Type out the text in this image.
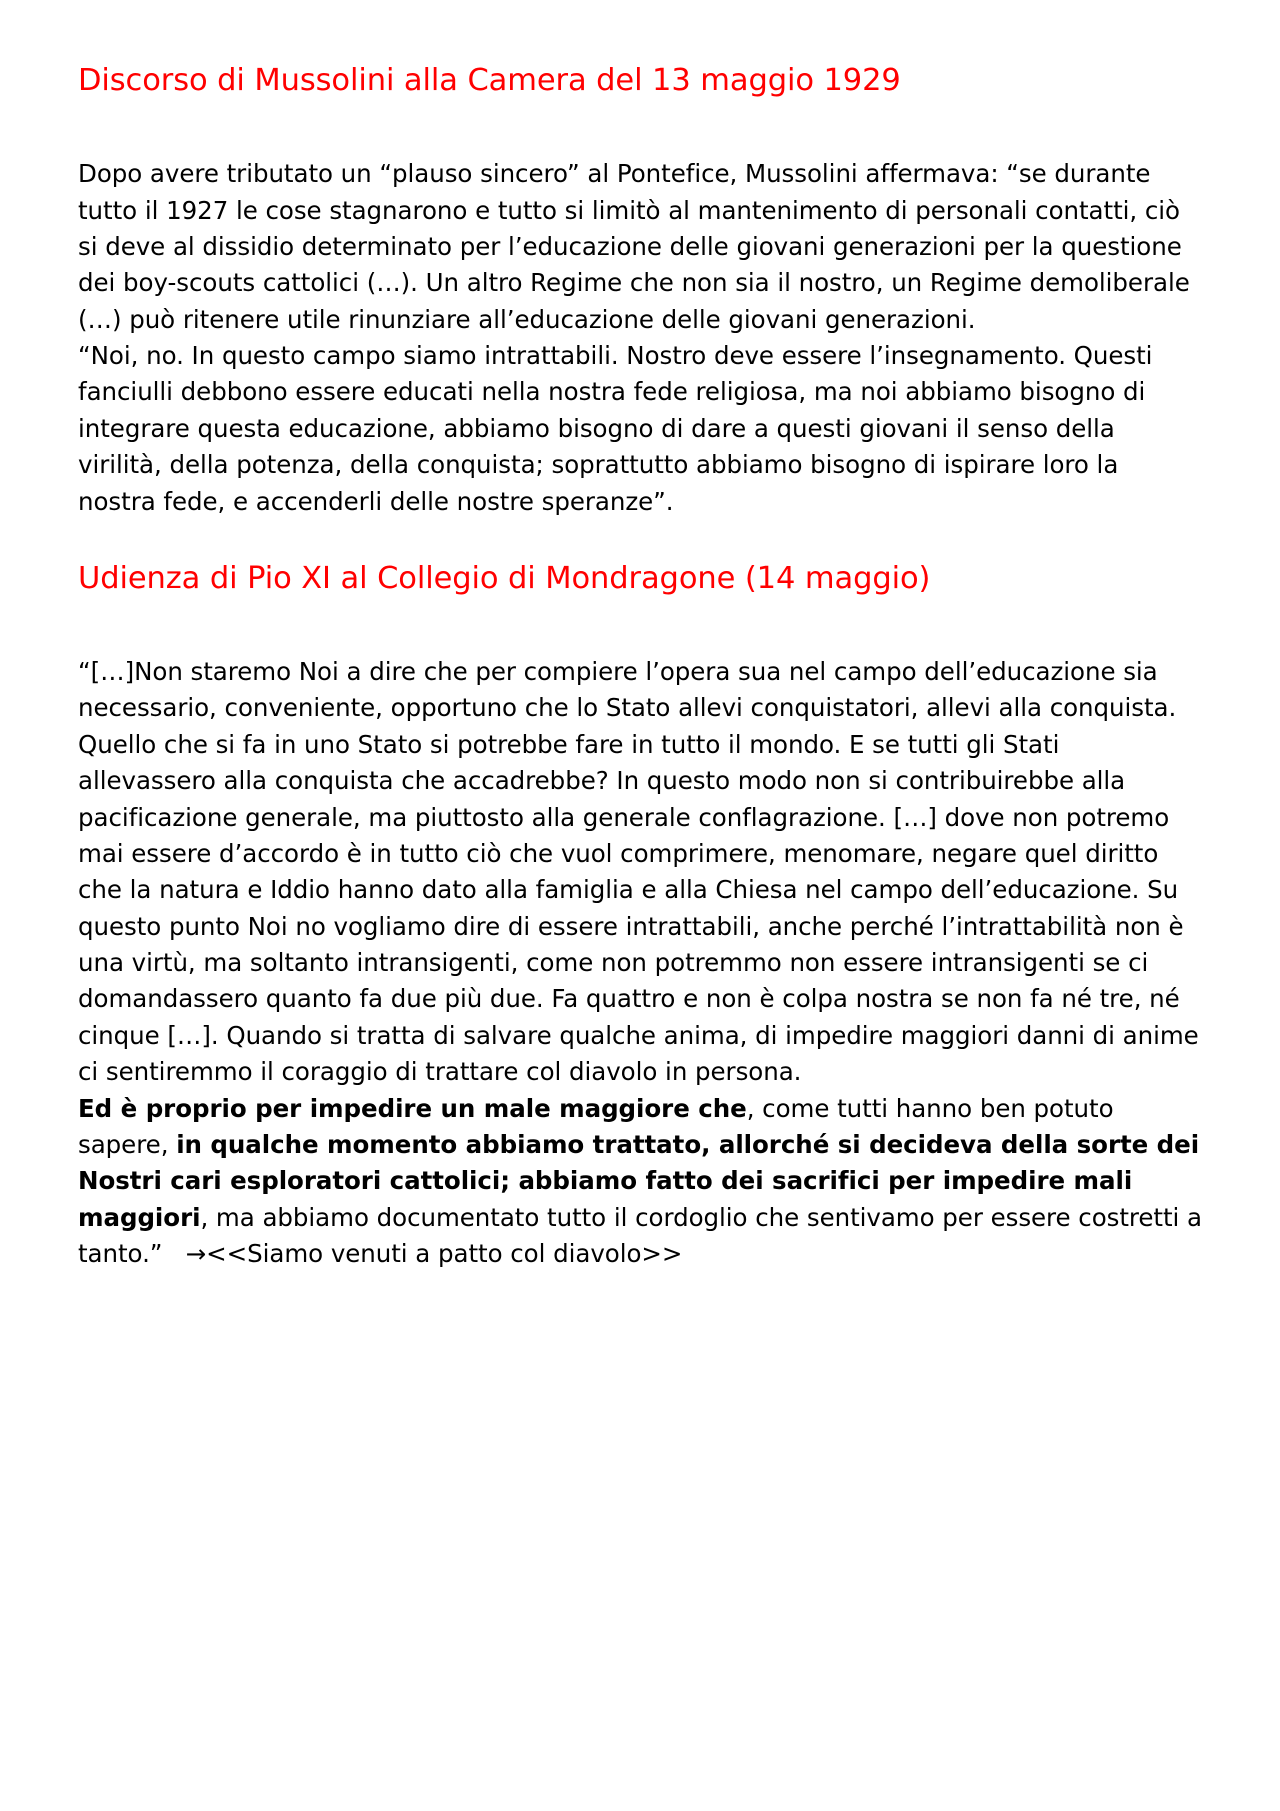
Discorso di Mussolini alla Camera del 13 maggio 1929

Dopo avere tributato un “plauso sincero” al Pontefice, Mussolini affermava: “se durante tutto il 1927 le cose stagnarono e tutto si limitò al mantenimento di personali contatti, ciò si deve al dissidio determinato per l’educazione delle giovani generazioni per la questione dei boy-scouts cattolici (…). Un altro Regime che non sia il nostro, un Regime demoliberale (…) può ritenere utile rinunziare all’educazione delle giovani generazioni.

“Noi, no. In questo campo siamo intrattabili. Nostro deve essere l’insegnamento. Questi fanciulli debbono essere educati nella nostra fede religiosa, ma noi abbiamo bisogno di integrare questa educazione, abbiamo bisogno di dare a questi giovani il senso della virilità, della potenza, della conquista; soprattutto abbiamo bisogno di ispirare loro la nostra fede, e accenderli delle nostre speranze”.

Udienza di Pio XI al Collegio di Mondragone (14 maggio)

“[…]Non staremo Noi a dire che per compiere l’opera sua nel campo dell’educazione sia necessario, conveniente, opportuno che lo Stato allevi conquistatori, allevi alla conquista. Quello che si fa in uno Stato si potrebbe fare in tutto il mondo. E se tutti gli Stati allevassero alla conquista che accadrebbe? In questo modo non si contribuirebbe alla pacificazione generale, ma piuttosto alla generale conflagrazione. […] dove non potremo mai essere d’accordo è in tutto ciò che vuol comprimere, menomare, negare quel diritto che la natura e Iddio hanno dato alla famiglia e alla Chiesa nel campo dell’educazione. Su questo punto Noi no vogliamo dire di essere intrattabili, anche perché l’intrattabilità non è una virtù, ma soltanto intransigenti, come non potremmo non essere intransigenti se ci domandassero quanto fa due più due. Fa quattro e non è colpa nostra se non fa né tre, né cinque […]. Quando si tratta di salvare qualche anima, di impedire maggiori danni di anime ci sentiremmo il coraggio di trattare col diavolo in persona.

Ed è proprio per impedire un male maggiore che, come tutti hanno ben potuto sapere, in qualche momento abbiamo trattato, allorché si decideva della sorte dei Nostri cari esploratori cattolici; abbiamo fatto dei sacrifici per impedire mali maggiori, ma abbiamo documentato tutto il cordoglio che sentivamo per essere costretti a tanto.”   →<<Siamo venuti a patto col diavolo>>
